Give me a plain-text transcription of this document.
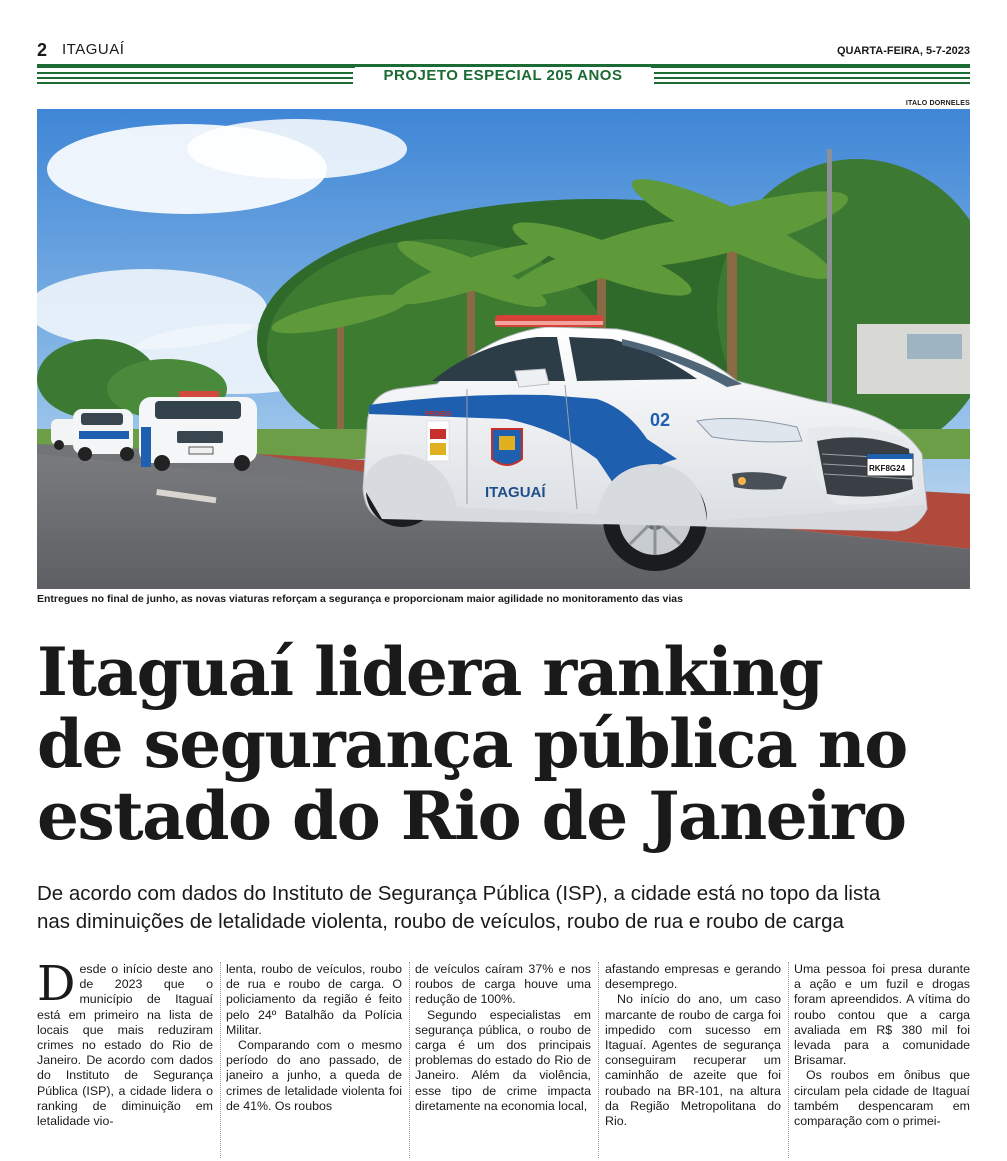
2 ITAGUAÍ	QUARTA-FEIRA, 5-7-2023
PROJETO ESPECIAL 205 ANOS
ITALO DORNELES
02
ITAGUAÍ
PROEIS
RKF8G24
Entregues no final de junho, as novas viaturas reforçam a segurança e proporcionam maior agilidade no monitoramento das vias
Itaguaí lidera ranking
de segurança pública no
estado do Rio de Janeiro
De acordo com dados do Instituto de Segurança Pública (ISP), a cidade está no topo da lista
nas diminuições de letalidade violenta, roubo de veículos, roubo de rua e roubo de carga
D esde o início deste ano de 2023 que o município de Itaguaí está em primeiro na lista de locais que mais reduziram crimes no estado do Rio de Janeiro. De acordo com dados do Instituto de Segurança Pública (ISP), a cidade lidera o ranking de diminuição em letalidade vio-

lenta, roubo de veículos, roubo de rua e roubo de carga. O policiamento da região é feito pelo 24º Batalhão da Polícia Militar.

Comparando com o mesmo período do ano passado, de janeiro a junho, a queda de crimes de letalidade violenta foi de 41%. Os roubos

de veículos caíram 37% e nos roubos de carga houve uma redução de 100%.

Segundo especialistas em segurança pública, o roubo de carga é um dos principais problemas do estado do Rio de Janeiro. Além da violência, esse tipo de crime impacta diretamente na economia local,

afastando empresas e gerando desemprego.

No início do ano, um caso marcante de roubo de carga foi impedido com sucesso em Itaguaí. Agentes de segurança conseguiram recuperar um caminhão de azeite que foi roubado na BR-101, na altura da Região Metropolitana do Rio.

Uma pessoa foi presa durante a ação e um fuzil e drogas foram apreendidos. A vítima do roubo contou que a carga avaliada em R$ 380 mil foi levada para a comunidade Brisamar.

Os roubos em ônibus que circulam pela cidade de Itaguaí também despencaram em comparação com o primei-
